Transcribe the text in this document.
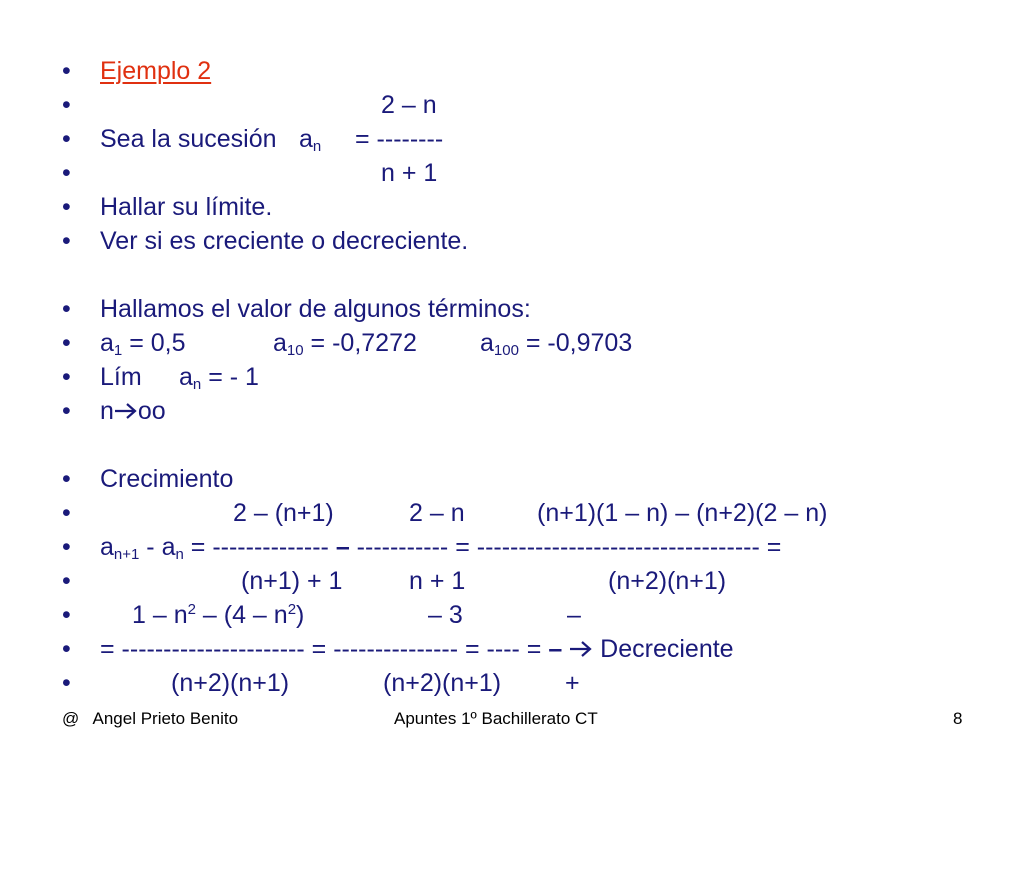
•

Ejemplo 2

•

	2 – n

•

Sea la sucesión

$a_n$

= --------

•

	n + 1

•

Hallar su límite.

•

Ver si es creciente o decreciente.

•

Hallamos el valor de algunos términos:

•

$a_1 = 0,5$

	$a_{10} = -0,7272$

	$a_{100} = -0,9703$

•

Lím

$a_n$ = - 1

•

n oo

•

Crecimiento

•

	2 – (n+1)

	2 – n

	(n+1)(1 – n) – (n+2)(2 – n)

•

$a_{n+1} - a_n$ = -------------- – ----------- = ---------------------------------- =

•

	(n+1) + 1

	n + 1

	(n+2)(n+1)

•

$1 - n^2 - (4 - n^2)$

	– 3

	–

•

= ---------------------- = --------------- = ---- = – Decreciente

•

	(n+2)(n+1)

	(n+2)(n+1)

	+

@   Angel Prieto Benito	Apuntes 1º Bachillerato CT	8
